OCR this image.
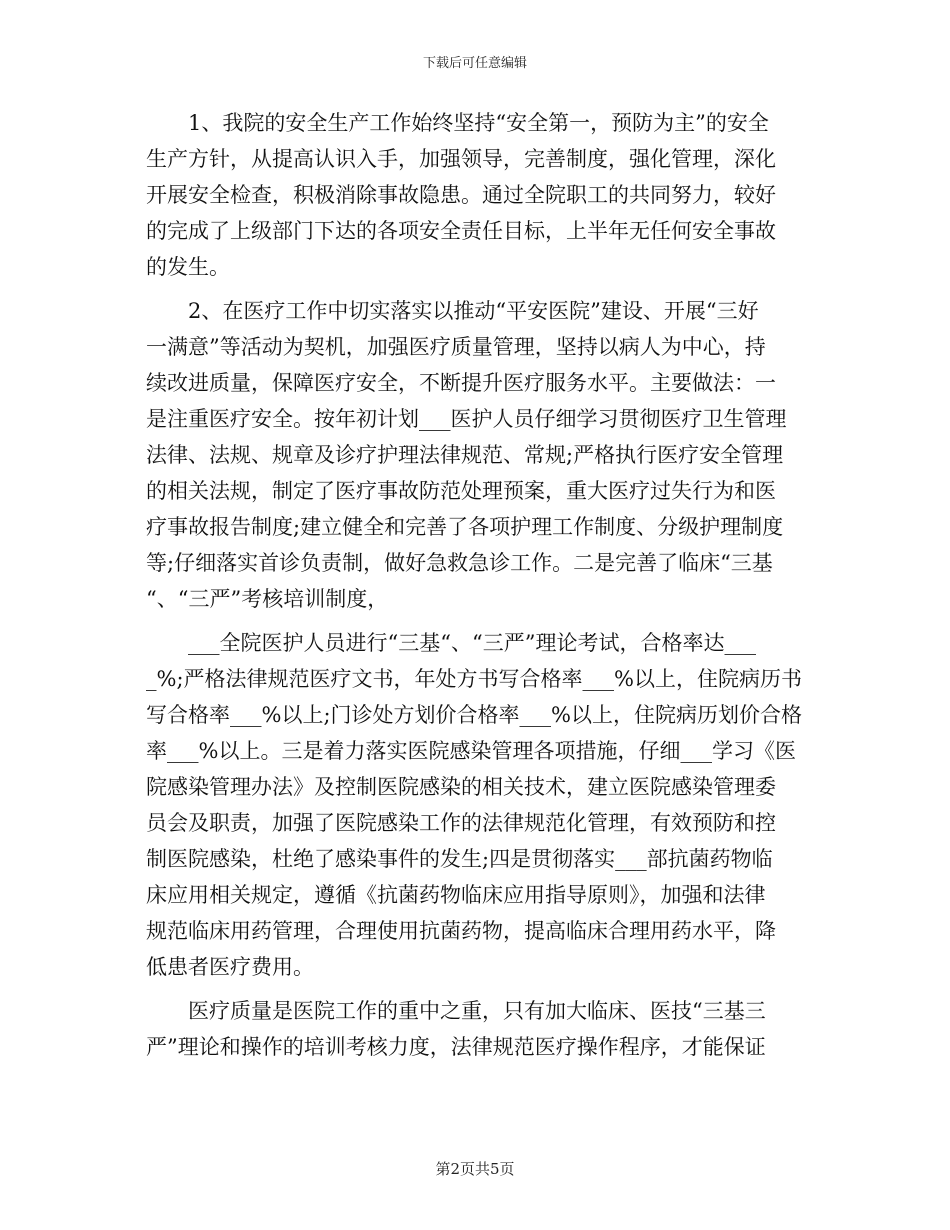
下载后可任意编辑
1、我院的安全生产工作始终坚持“安全第一，预防为主”的安全
生产方针，从提高认识入手，加强领导，完善制度，强化管理，深化
开展安全检查，积极消除事故隐患。通过全院职工的共同努力，较好
的完成了上级部门下达的各项安全责任目标，上半年无任何安全事故
的发生。
2、在医疗工作中切实落实以推动“平安医院”建设、开展“三好
一满意”等活动为契机，加强医疗质量管理，坚持以病人为中心，持
续改进质量，保障医疗安全，不断提升医疗服务水平。主要做法：一
是注重医疗安全。按年初计划___医护人员仔细学习贯彻医疗卫生管理
法律、法规、规章及诊疗护理法律规范、常规;严格执行医疗安全管理
的相关法规，制定了医疗事故防范处理预案，重大医疗过失行为和医
疗事故报告制度;建立健全和完善了各项护理工作制度、分级护理制度
等;仔细落实首诊负责制，做好急救急诊工作。二是完善了临床“三基
“、“三严”考核培训制度，
___全院医护人员进行“三基“、“三严”理论考试，合格率达___
_%;严格法律规范医疗文书，年处方书写合格率___%以上，住院病历书
写合格率___%以上;门诊处方划价合格率___%以上，住院病历划价合格
率___%以上。三是着力落实医院感染管理各项措施，仔细___学习《医
院感染管理办法》及控制医院感染的相关技术，建立医院感染管理委
员会及职责，加强了医院感染工作的法律规范化管理，有效预防和控
制医院感染，杜绝了感染事件的发生;四是贯彻落实___部抗菌药物临
床应用相关规定，遵循《抗菌药物临床应用指导原则》，加强和法律
规范临床用药管理，合理使用抗菌药物，提高临床合理用药水平，降
低患者医疗费用。
医疗质量是医院工作的重中之重，只有加大临床、医技“三基三
严”理论和操作的培训考核力度，法律规范医疗操作程序，才能保证
第2页共5页
